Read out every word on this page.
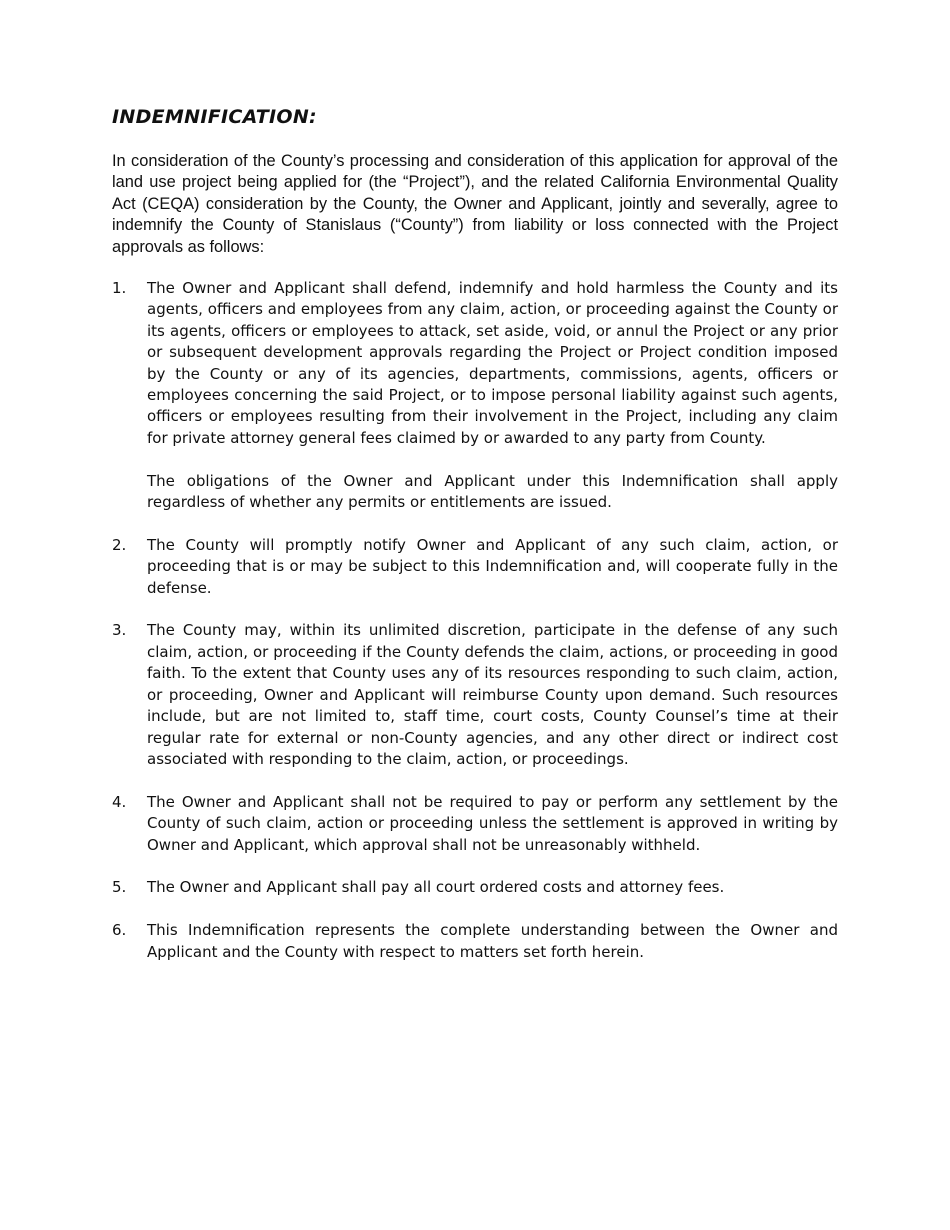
INDEMNIFICATION:

In consideration of the County’s processing and consideration of this application for approval of the land use project being applied for (the “Project”), and the related California Environmental Quality Act (CEQA) consideration by the County, the Owner and Applicant, jointly and severally, agree to indemnify the County of Stanislaus (“County”) from liability or loss connected with the Project approvals as follows:

1.	The Owner and Applicant shall defend, indemnify and hold harmless the County and its agents, officers and employees from any claim, action, or proceeding against the County or its agents, officers or employees to attack, set aside, void, or annul the Project or any prior or subsequent development approvals regarding the Project or Project condition imposed by the County or any of its agencies, departments, commissions, agents, officers or employees concerning the said Project, or to impose personal liability against such agents, officers or employees resulting from their involvement in the Project, including any claim for private attorney general fees claimed by or awarded to any party from County.

The obligations of the Owner and Applicant under this Indemnification shall apply regardless of whether any permits or entitlements are issued.

2.	The County will promptly notify Owner and Applicant of any such claim, action, or proceeding that is or may be subject to this Indemnification and, will cooperate fully in the defense.

3.	The County may, within its unlimited discretion, participate in the defense of any such claim, action, or proceeding if the County defends the claim, actions, or proceeding in good faith. To the extent that County uses any of its resources responding to such claim, action, or proceeding, Owner and Applicant will reimburse County upon demand. Such resources include, but are not limited to, staff time, court costs, County Counsel’s time at their regular rate for external or non-County agencies, and any other direct or indirect cost associated with responding to the claim, action, or proceedings.

4.	The Owner and Applicant shall not be required to pay or perform any settlement by the County of such claim, action or proceeding unless the settlement is approved in writing by Owner and Applicant, which approval shall not be unreasonably withheld.

5.	The Owner and Applicant shall pay all court ordered costs and attorney fees.

6.	This Indemnification represents the complete understanding between the Owner and Applicant and the County with respect to matters set forth herein.
